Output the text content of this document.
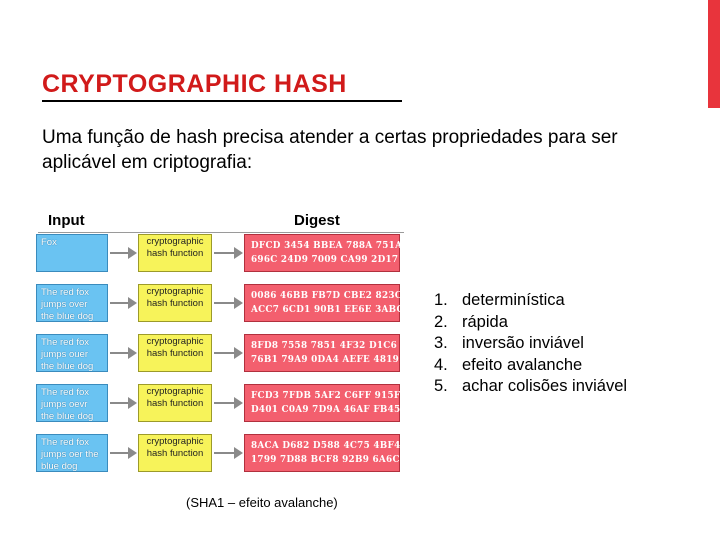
CRYPTOGRAPHIC HASH
Uma função de hash precisa atender a certas propriedades para ser aplicável em criptografia:
Input	Digest
Fox	cryptographic hash function
DFCD 3454 BBEA 788A 751A
696C 24D9 7009 CA99 2D17
The red fox jumps over the blue dog
cryptographic hash function
0086 46BB FB7D CBE2 823C
ACC7 6CD1 90B1 EE6E 3ABC
The red fox jumps ouer the blue dog
cryptographic hash function
8FD8 7558 7851 4F32 D1C6
76B1 79A9 0DA4 AEFE 4819
The red fox jumps oevr the blue dog
cryptographic hash function
FCD3 7FDB 5AF2 C6FF 915F
D401 C0A9 7D9A 46AF FB45
The red fox jumps oer the blue dog
cryptographic hash function
8ACA D682 D588 4C75 4BF4
1799 7D88 BCF8 92B9 6A6C
(SHA1 – efeito avalanche)
1. determinística
2. rápida
3. inversão inviável
4. efeito avalanche
5. achar colisões inviável
